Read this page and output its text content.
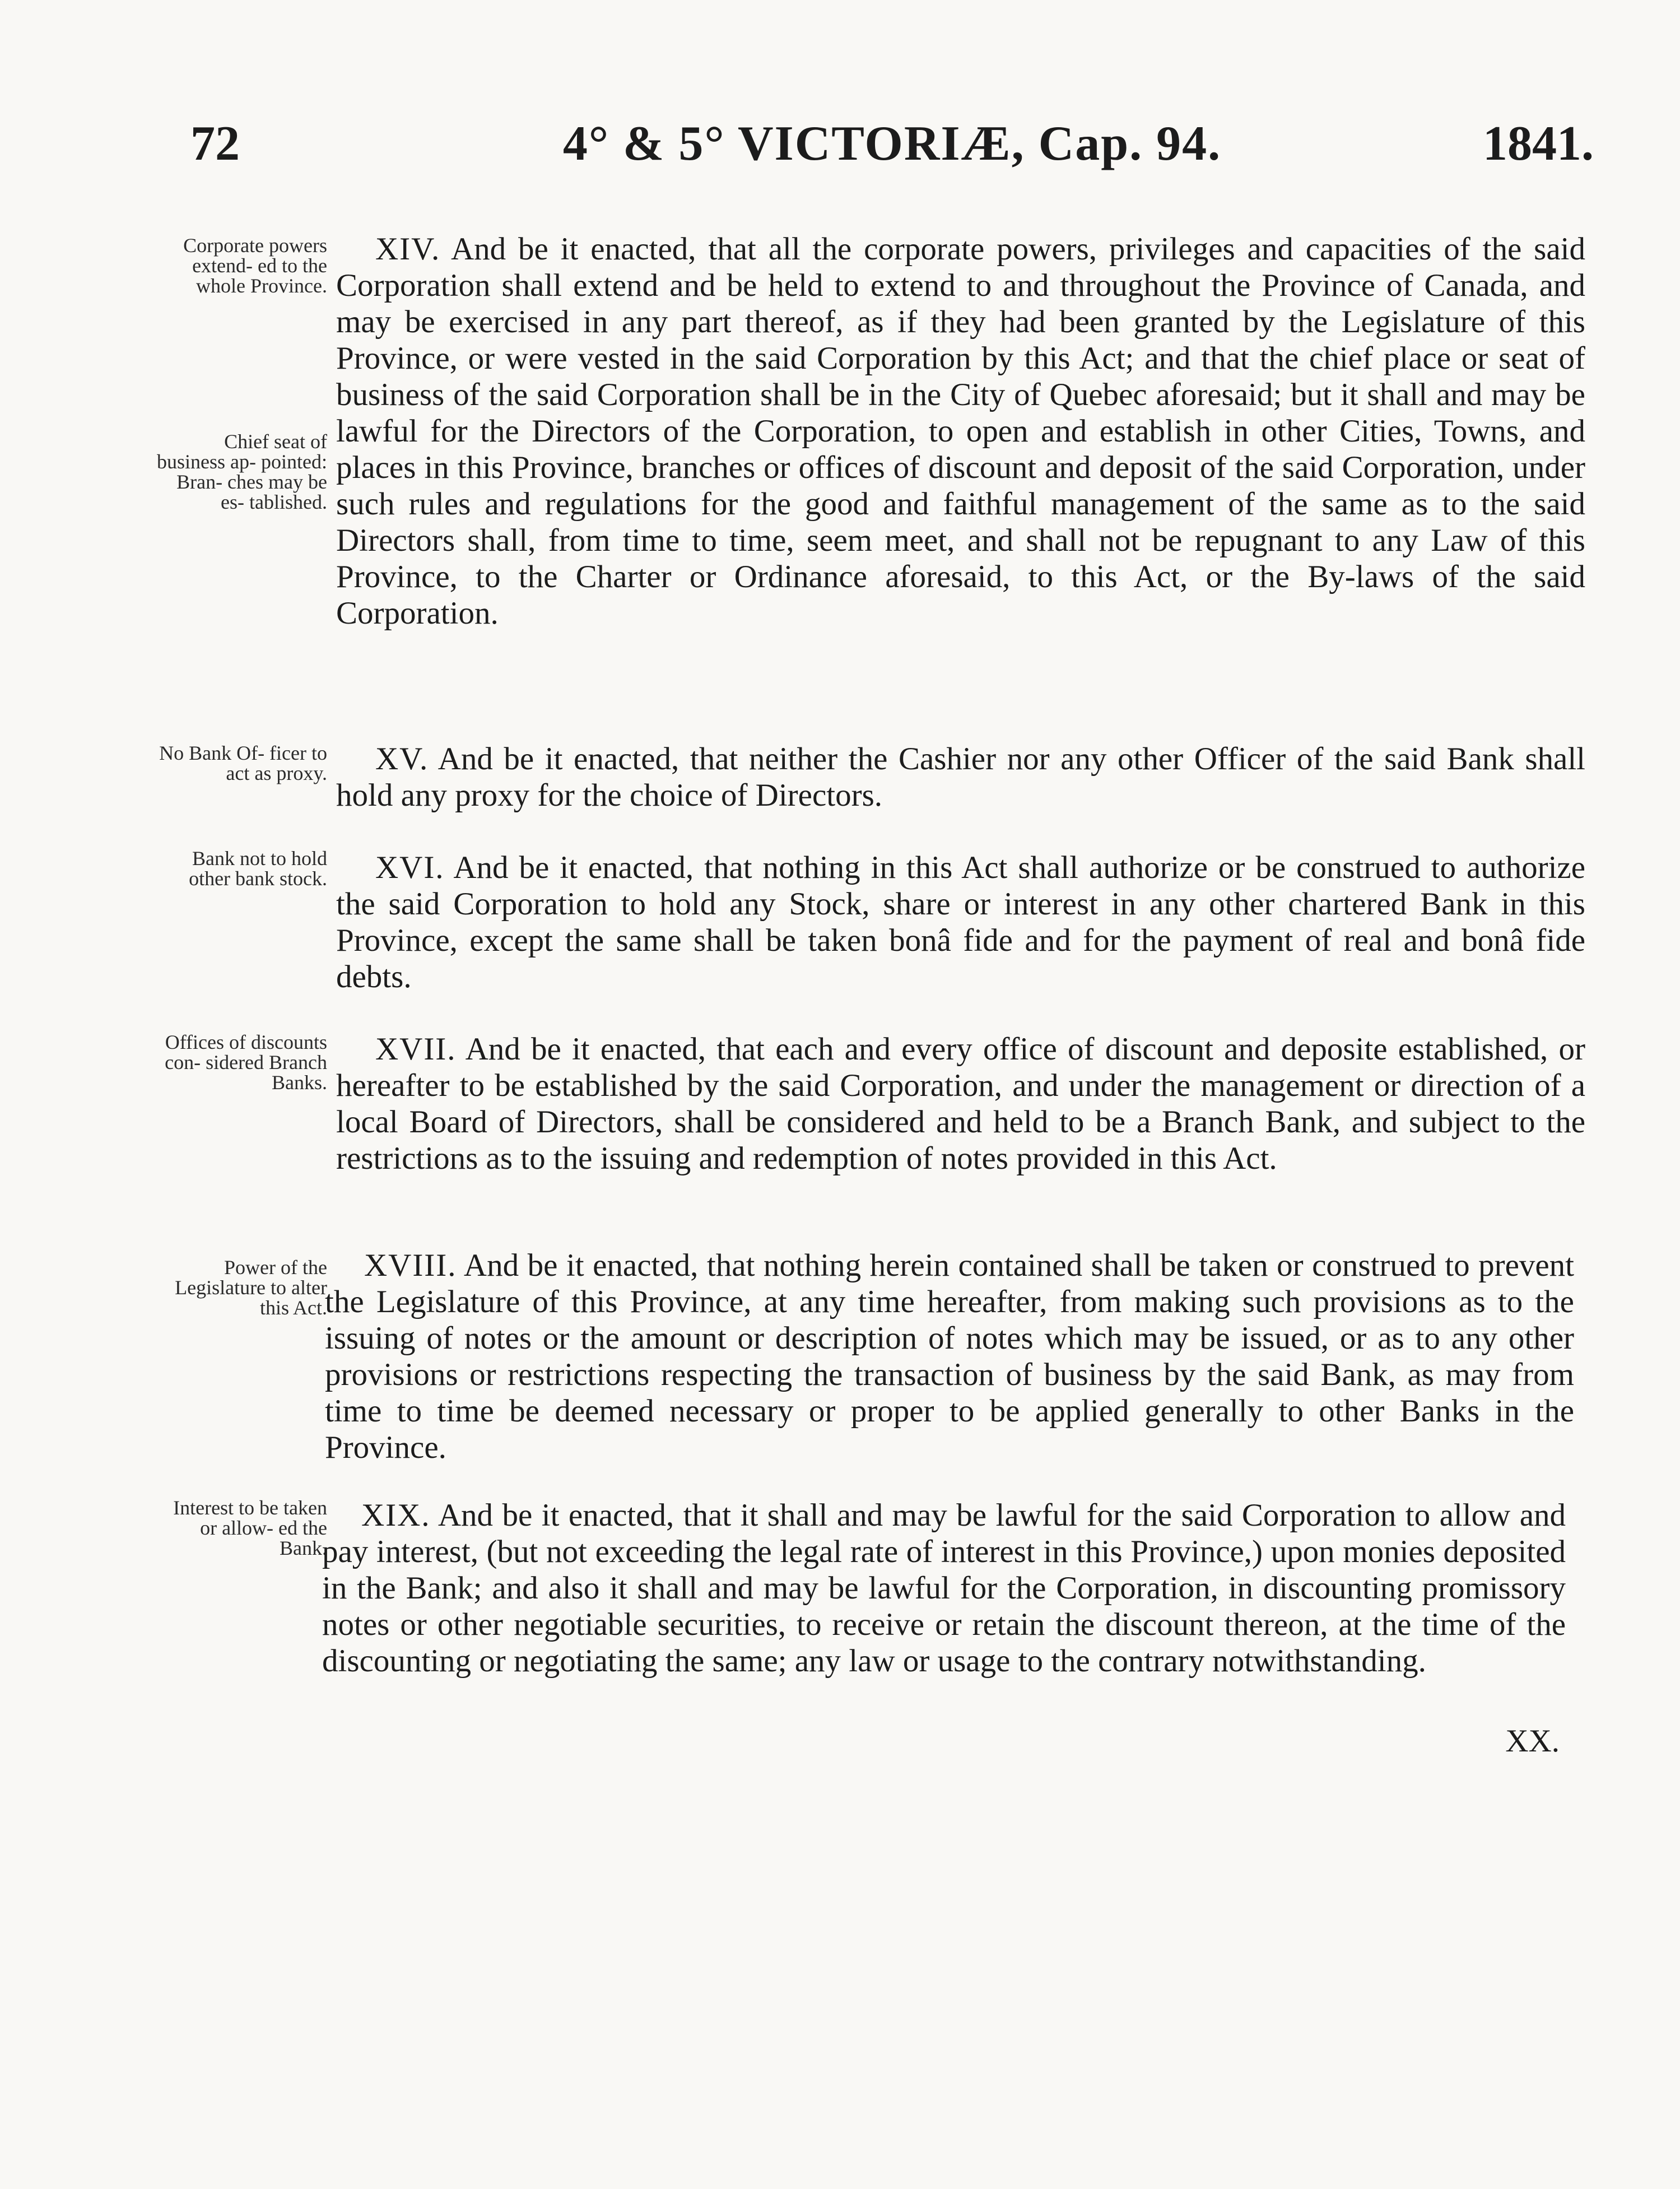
72	4° & 5° VICTORIÆ, Cap. 94.	1841.
Corporate powers extend- ed to the whole Province.
Chief seat of business ap- pointed: Bran- ches may be es- tablished.

XIV. And be it enacted, that all the corporate powers, privileges and capacities of the said Corporation shall extend and be held to extend to and throughout the Province of Canada, and may be exercised in any part thereof, as if they had been granted by the Legislature of this Province, or were vested in the said Corporation by this Act; and that the chief place or seat of business of the said Corporation shall be in the City of Quebec aforesaid; but it shall and may be lawful for the Directors of the Corporation, to open and establish in other Cities, Towns, and places in this Province, branches or offices of discount and deposit of the said Corporation, under such rules and regulations for the good and faithful management of the same as to the said Directors shall, from time to time, seem meet, and shall not be repugnant to any Law of this Province, to the Charter or Ordinance aforesaid, to this Act, or the By-laws of the said Corporation.

No Bank Of- ficer to act as proxy.	XV. And be it enacted, that neither the Cashier nor any other Officer of the said Bank shall hold any proxy for the choice of Directors.

Bank not to hold other bank stock.	XVI. And be it enacted, that nothing in this Act shall authorize or be construed to authorize the said Corporation to hold any Stock, share or interest in any other chartered Bank in this Province, except the same shall be taken bonâ fide and for the payment of real and bonâ fide debts.

Offices of discounts con- sidered Branch Banks.

XVII. And be it enacted, that each and every office of discount and deposite established, or hereafter to be established by the said Corporation, and under the management or direction of a local Board of Directors, shall be considered and held to be a Branch Bank, and subject to the restrictions as to the issuing and redemption of notes provided in this Act.

Power of the Legislature to alter this Act.

XVIII. And be it enacted, that nothing herein contained shall be taken or construed to prevent the Legislature of this Province, at any time hereafter, from making such provisions as to the issuing of notes or the amount or description of notes which may be issued, or as to any other provisions or restrictions respecting the transaction of business by the said Bank, as may from time to time be deemed necessary or proper to be applied generally to other Banks in the Province.

Interest to be taken or allow- ed the Bank.

XIX. And be it enacted, that it shall and may be lawful for the said Corporation to allow and pay interest, (but not exceeding the legal rate of interest in this Province,) upon monies deposited in the Bank; and also it shall and may be lawful for the Corporation, in discounting promissory notes or other negotiable securities, to receive or retain the discount thereon, at the time of the discounting or negotiating the same; any law or usage to the contrary notwithstanding.

XX.
